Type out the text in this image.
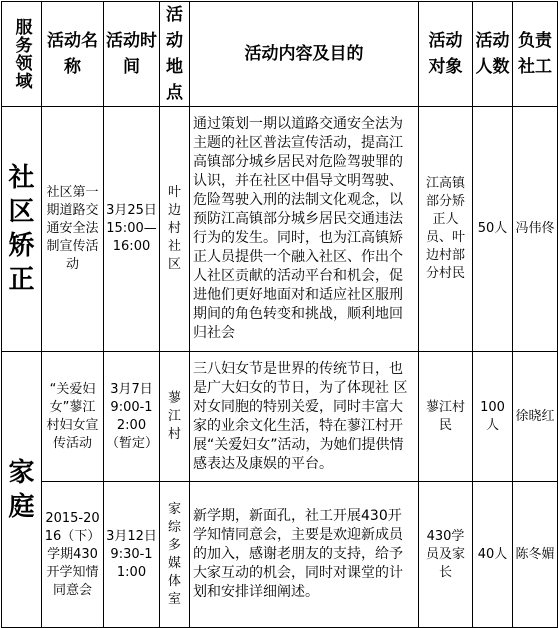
服务领域	活动名称	活动时间	活动地点	活动内容及目的	活动对象	活动人数	负责社工

社
区
矫
正	社区第一期道路交通安全法制宣传活动	3月25日15:00—16:00	叶边村社区	通过策划一期以道路交通安全法为主题的社区普法宣传活动，提高江高镇部分城乡居民对危险驾驶罪的认识，并在社区中倡导文明驾驶、危险驾驶入刑的法制文化观念，以预防江高镇部分城乡居民交通违法行为的发生。同时，也为江高镇矫正人员提供一个融入社区、作出个人社区贡献的活动平台和机会，促进他们更好地面对和适应社区服刑期间的角色转变和挑战，顺利地回归社会	江高镇部分矫正人员、叶边村部分村民	50人	冯伟佟

家
庭	“关爱妇女”蓼江村妇女宣传活动	3月7日9:00-12:00（暂定）	蓼江村	三八妇女节是世界的传统节日，也是广大妇女的节日，为了体现社 区对女同胞的特别关爱，同时丰富大家的业余文化生活，特在蓼江村开展“关爱妇女”活动，为她们提供情感表达及康娱的平台。	蓼江村民	100人	徐晓红
	2015-2016（下）学期430开学知情同意会	3月12日9:30-11:00	家综多媒体室	新学期，新面孔，社工开展430开学知情同意会，主要是欢迎新成员的加入，感谢老朋友的支持，给予大家互动的机会，同时对课堂的计划和安排详细阐述。	430学员及家长	40人	陈冬媚
